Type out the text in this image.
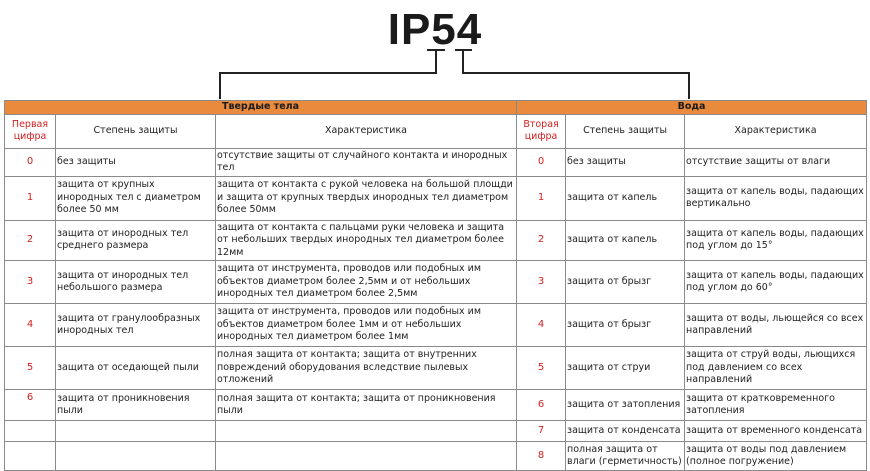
IP54
Твердые тела			Вода		
Первая цифра	Степень защиты	Характеристика	Вторая цифра	Степень защиты	Характеристика
0	без защиты	отсутствие защиты от случайного контакта и инородных тел	0	без защиты	отсутствие защиты от влаги
1	защита от крупных инородных тел с диаметром более 50 мм	защита от контакта с рукой человека на большой площди и защита от крупных твердых инородных тел диаметром более 50мм	1	защита от капель	защита от капель воды, падающих вертикально
2	защита от инородных тел среднего размера	защита от контакта с пальцами руки человека и защита от небольших твердых инородных тел диаметром более 12мм	2	защита от капель	защита от капель воды, падающих под углом до 15°
3	защита от инородных тел небольшого размера	защита от инструмента, проводов или подобных им объектов диаметром более 2,5мм и от небольших инородных тел диаметром более 2,5мм	3	защита от брызг	защита от капель воды, падающих под углом до 60°
4	защита от гранулообразных инородных тел	защита от инструмента, проводов или подобных им объектов диаметром более 1мм и от небольших инородных тел диаметром более 1мм	4	защита от брызг	защита от воды, льющейся со всех направлений
5	защита от оседающей пыли	полная защита от контакта; защита от внутренних повреждений оборудования вследствие пылевых отложений	5	защита от струи	защита от струй воды, льющихся под давлением со всех направлений
6	защита от проникновения пыли	полная защита от контакта; защита от проникновения пыли	6	защита от затопления	защита от кратковременного затопления
			7	защита от конденсата	защита от временного конденсата
			8	полная защита от влаги (герметичность)	защита от воды под давлением (полное погружение)
